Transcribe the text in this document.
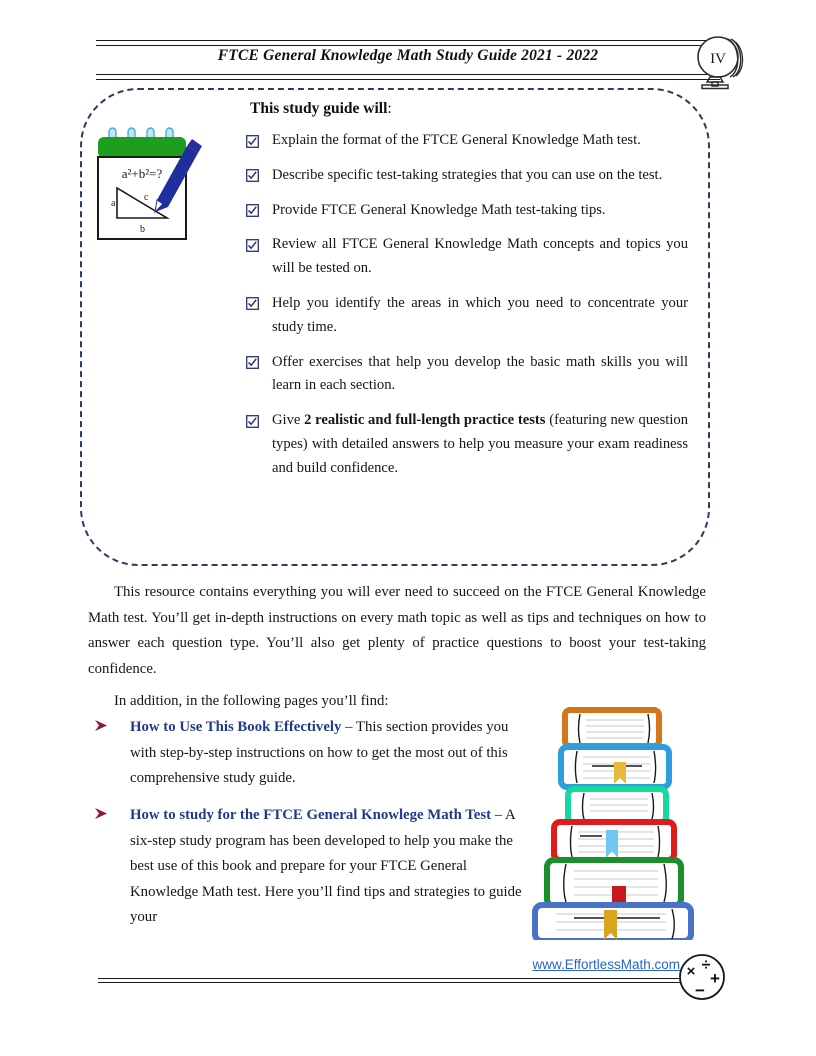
FTCE General Knowledge Math Study Guide 2021 - 2022	IV
a²+b²=?
a
b
c
This study guide will:
Explain the format of the FTCE General Knowledge Math test.
Describe specific test-taking strategies that you can use on the test.
Provide FTCE General Knowledge Math test-taking tips.
Review all FTCE General Knowledge Math concepts and topics you will be tested on.
Help you identify the areas in which you need to concentrate your study time.
Offer exercises that help you develop the basic math skills you will learn in each section.
Give 2 realistic and full-length practice tests (featuring new question types) with detailed answers to help you measure your exam readiness and build confidence.
This resource contains everything you will ever need to succeed on the FTCE General Knowledge Math test. You’ll get in-depth instructions on every math topic as well as tips and techniques on how to answer each question type. You’ll also get plenty of practice questions to boost your test-taking confidence.
In addition, in the following pages you’ll find:
How to Use This Book Effectively – This section provides you with step-by-step instructions on how to get the most out of this comprehensive study guide.
How to study for the FTCE General Knowlege Math Test – A six-step study program has been developed to help you make the best use of this book and prepare for your FTCE General Knowledge Math test. Here you’ll find tips and strategies to guide your
www.EffortlessMath.com × ÷
+
−
